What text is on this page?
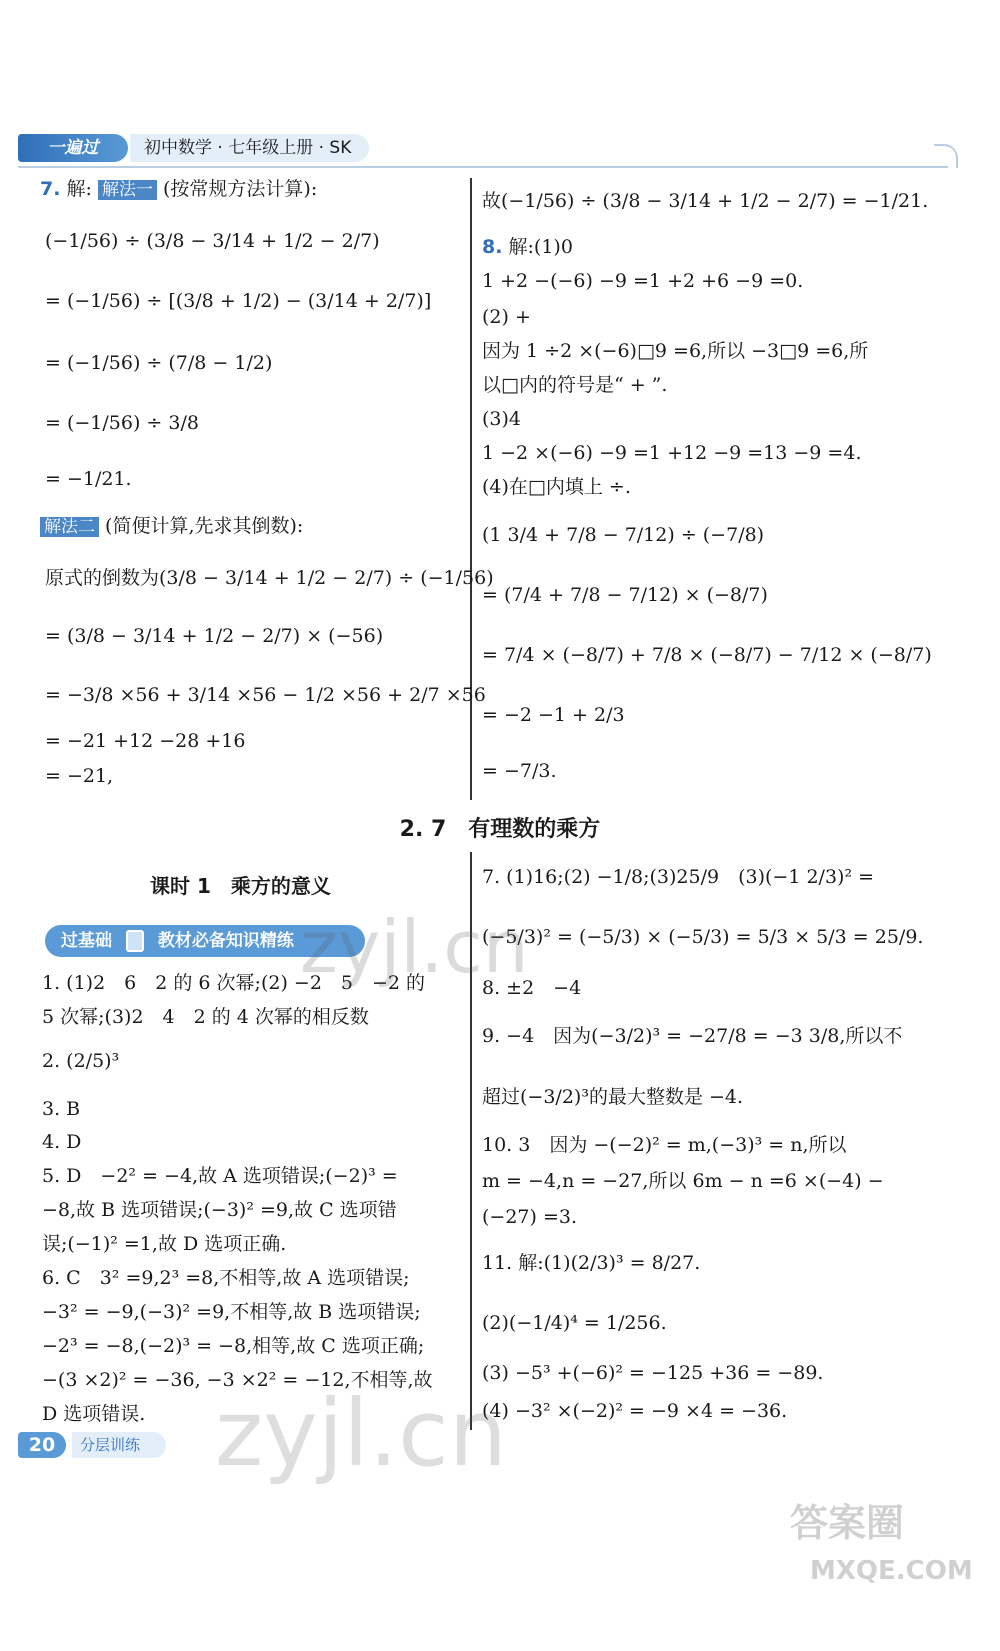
一遍过	初中数学 · 七年级上册 · SK
7. 解: 解法一 (按常规方法计算):
(−1/56) ÷ (3/8 − 3/14 + 1/2 − 2/7)
= (−1/56) ÷ [(3/8 + 1/2) − (3/14 + 2/7)]
= (−1/56) ÷ (7/8 − 1/2)
= (−1/56) ÷ 3/8
= −1/21.
解法二 (简便计算,先求其倒数):
原式的倒数为(3/8 − 3/14 + 1/2 − 2/7) ÷ (−1/56)
= (3/8 − 3/14 + 1/2 − 2/7) × (−56)
= −3/8 ×56 + 3/14 ×56 − 1/2 ×56 + 2/7 ×56
= −21 +12 −28 +16
= −21,
故(−1/56) ÷ (3/8 − 3/14 + 1/2 − 2/7) = −1/21.
8. 解:(1)0
1 +2 −(−6) −9 =1 +2 +6 −9 =0.
(2) +
因为 1 ÷2 ×(−6)□9 =6,所以 −3□9 =6,所
以□内的符号是“ + ”.
(3)4
1 −2 ×(−6) −9 =1 +12 −9 =13 −9 =4.
(4)在□内填上 ÷.
(1 3/4 + 7/8 − 7/12) ÷ (−7/8)
= (7/4 + 7/8 − 7/12) × (−8/7)
= 7/4 × (−8/7) + 7/8 × (−8/7) − 7/12 × (−8/7)
= −2 −1 + 2/3
= −7/3.
2. 7　有理数的乘方
课时 1　乘方的意义
过基础	教材必备知识精练
1. (1)2　6　2 的 6 次幂;(2) −2　5　−2 的
5 次幂;(3)2　4　2 的 4 次幂的相反数
2. (2/5)³
3. B
4. D
5. D　−2² = −4,故 A 选项错误;(−2)³ =
−8,故 B 选项错误;(−3)² =9,故 C 选项错
误;(−1)² =1,故 D 选项正确.
6. C　3² =9,2³ =8,不相等,故 A 选项错误;
−3² = −9,(−3)² =9,不相等,故 B 选项错误;
−2³ = −8,(−2)³ = −8,相等,故 C 选项正确;
−(3 ×2)² = −36, −3 ×2² = −12,不相等,故
D 选项错误.
7. (1)16;(2) −1/8;(3)25/9　(3)(−1 2/3)² =
(−5/3)² = (−5/3) × (−5/3) = 5/3 × 5/3 = 25/9.
8. ±2　−4
9. −4　因为(−3/2)³ = −27/8 = −3 3/8,所以不
超过(−3/2)³的最大整数是 −4.
10. 3　因为 −(−2)² = m,(−3)³ = n,所以
m = −4,n = −27,所以 6m − n =6 ×(−4) −
(−27) =3.
11. 解:(1)(2/3)³ = 8/27.
(2)(−1/4)⁴ = 1/256.
(3) −5³ +(−6)² = −125 +36 = −89.
(4) −3² ×(−2)² = −9 ×4 = −36.
20	分层训练
zyjl.cn
zyjl.cn
答案圈
MXQE.COM
